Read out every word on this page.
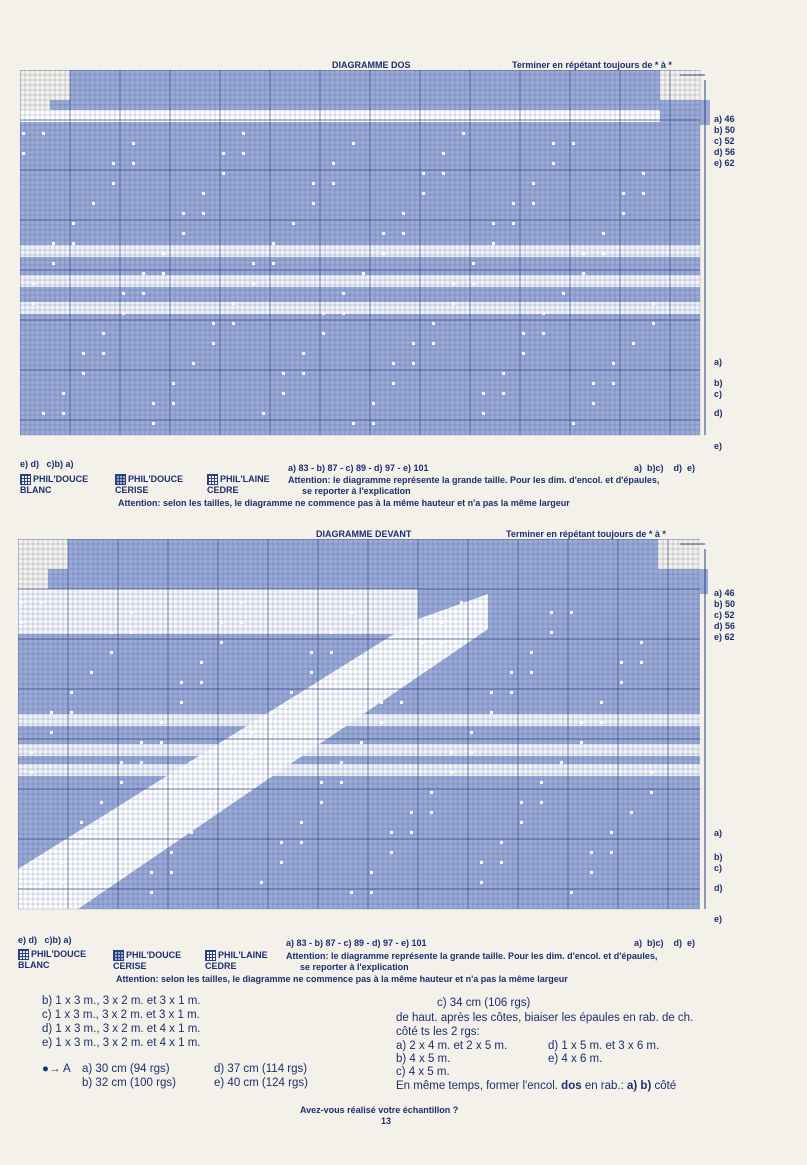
DIAGRAMME DOS	Terminer en répétant toujours de * à *
a) 46
b) 50
c) 52
d) 56
e) 62
a)
b)
c)
d)
e)
e) d)   c)b) a)	a)  b)c)    d)  e)
a) 83 - b) 87 - c) 89 - d) 97 - e) 101
PHIL'DOUCE
BLANC
PHIL'DOUCE
CERISE
PHIL'LAINE
CEDRE
Attention: le diagramme représente la grande taille. Pour les dim. d'encol. et d'épaules,
se reporter à l'explication
Attention: selon les tailles, le diagramme ne commence pas à la même hauteur et n'a pas la même largeur
DIAGRAMME DEVANT	Terminer en répétant toujours de * à *
a) 46
b) 50
c) 52
d) 56
e) 62
a)
b)
c)
d)
e)
e) d)   c)b) a)	a)  b)c)    d)  e)
a) 83 - b) 87 - c) 89 - d) 97 - e) 101
PHIL'DOUCE
BLANC
PHIL'DOUCE
CERISE
PHIL'LAINE
CEDRE
Attention: le diagramme représente la grande taille. Pour les dim. d'encol. et d'épaules,
se reporter à l'explication
Attention: selon les tailles, le diagramme ne commence pas à la même hauteur et n'a pas la même largeur
b) 1 x 3 m., 3 x 2 m. et 3 x 1 m.
c) 1 x 3 m., 3 x 2 m. et 3 x 1 m.
d) 1 x 3 m., 3 x 2 m. et 4 x 1 m.
e) 1 x 3 m., 3 x 2 m. et 4 x 1 m.
●→ A a) 30 cm (94 rgs)	d) 37 cm (114 rgs)
b) 32 cm (100 rgs)	e) 40 cm (124 rgs)
c) 34 cm (106 rgs)
de haut. après les côtes, biaiser les épaules en rab. de ch.
côté ts les 2 rgs:
a) 2 x 4 m. et 2 x 5 m.	d) 1 x 5 m. et 3 x 6 m.
b) 4 x 5 m.	e) 4 x 6 m.
c) 4 x 5 m.
En même temps, former l'encol. dos en rab.: a) b) côté
Avez-vous réalisé votre échantillon ?
13
